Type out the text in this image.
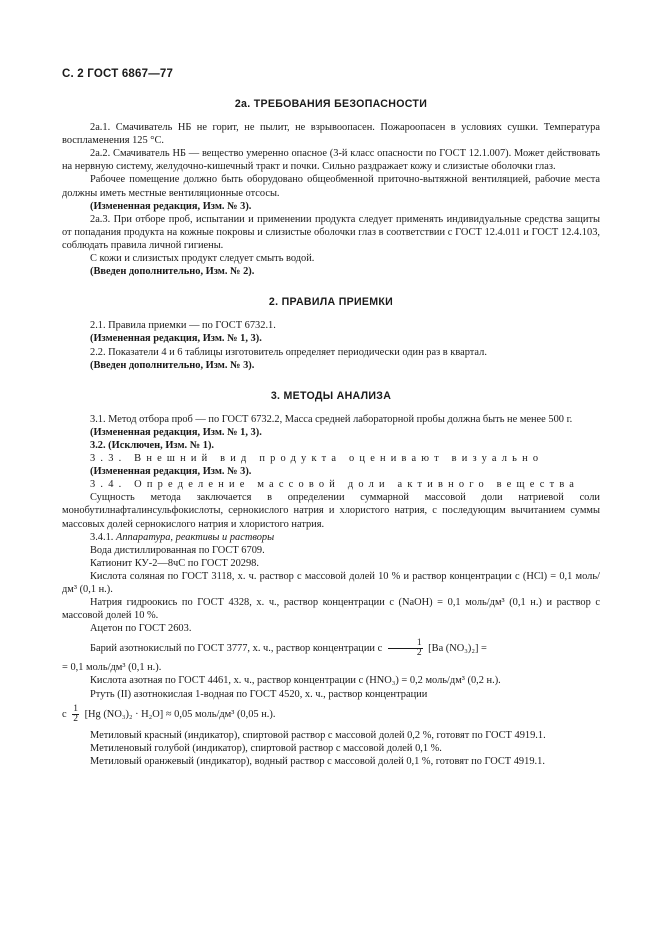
С. 2 ГОСТ 6867—77
2а. ТРЕБОВАНИЯ БЕЗОПАСНОСТИ

2а.1. Смачиватель НБ не горит, не пылит, не взрывоопасен. Пожароопасен в условиях сушки. Температура воспламенения 125 °С.

2а.2. Смачиватель НБ — вещество умеренно опасное (3-й класс опасности по ГОСТ 12.1.007). Может действовать на нервную систему, желудочно-кишечный тракт и почки. Сильно раздражает кожу и слизистые оболочки глаз.

Рабочее помещение должно быть оборудовано общеобменной приточно-вытяжной вентиляцией, рабочие места должны иметь местные вентиляционные отсосы.

(Измененная редакция, Изм. № 3).

2а.3. При отборе проб, испытании и применении продукта следует применять индивидуальные средства защиты от попадания продукта на кожные покровы и слизистые оболочки глаз в соответствии с ГОСТ 12.4.011 и ГОСТ 12.4.103, соблюдать правила личной гигиены.

С кожи и слизистых продукт следует смыть водой.

(Введен дополнительно, Изм. № 2).

2. ПРАВИЛА ПРИЕМКИ

2.1. Правила приемки — по ГОСТ 6732.1.

(Измененная редакция, Изм. № 1, 3).

2.2. Показатели 4 и 6 таблицы изготовитель определяет периодически один раз в квартал.

(Введен дополнительно, Изм. № 3).

3. МЕТОДЫ АНАЛИЗА

3.1. Метод отбора проб — по ГОСТ 6732.2, Масса средней лабораторной пробы должна быть не менее 500 г.

(Измененная редакция, Изм. № 1, 3).

3.2. (Исключен, Изм. № 1).

3.3. Внешний вид продукта оценивают визуально

(Измененная редакция, Изм. № 3).

3.4. Определение массовой доли активного вещества

Сущность метода заключается в определении суммарной массовой доли натриевой соли монобутилнафталинсульфокислоты, сернокислого натрия и хлористого натрия, с последующим вычитанием суммы массовых долей сернокислого натрия и хлористого натрия.

3.4.1. Аппаратура, реактивы и растворы

Вода дистиллированная по ГОСТ 6709.

Катионит КУ-2—8чС по ГОСТ 20298.

Кислота соляная по ГОСТ 3118, х. ч. раствор с массовой долей 10 % и раствор концентрации с (HCl) = 0,1 моль/дм³ (0,1 н.).

Натрия гидроокись по ГОСТ 4328, х. ч., раствор концентрации с (NaOH) = 0,1 моль/дм³ (0,1 н.) и раствор с массовой долей 10 %.

Ацетон по ГОСТ 2603.

Барий азотнокислый по ГОСТ 3777, х. ч., раствор концентрации с $\frac{1}{2} [Ba$ (NO₃)₂] =

= 0,1 моль/дм³ (0,1 н.).

Кислота азотная по ГОСТ 4461, х. ч., раствор концентрации с (HNO₃) = 0,2 моль/дм³ (0,2 н.).

Ртуть (II) азотнокислая 1-водная по ГОСТ 4520, х. ч., раствор концентрации

с $\frac{1}{2} [Hg$ (NO₃)₂ · H₂O] ≈ 0,05 моль/дм³ (0,05 н.).

Метиловый красный (индикатор), спиртовой раствор с массовой долей 0,2 %, готовят по ГОСТ 4919.1.

Метиленовый голубой (индикатор), спиртовой раствор с массовой долей 0,1 %.

Метиловый оранжевый (индикатор), водный раствор с массовой долей 0,1 %, готовят по ГОСТ 4919.1.
